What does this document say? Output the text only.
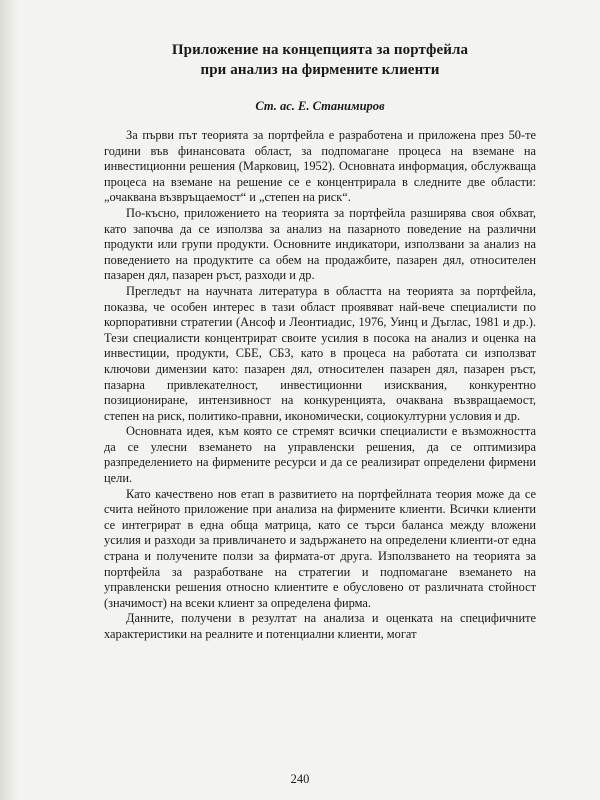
Приложение на концепцията за портфейла
при анализ на фирмените клиенти
Ст. ас. Е. Станимиров

За първи път теорията за портфейла е разработена и приложена през 50-те години във финансовата област, за подпомагане процеса на вземане на инвестиционни решения (Марковиц, 1952). Основната информация, обслужваща процеса на вземане на решение се е концентрирала в следните две области: „очаквана възвръщаемост“ и „степен на риск“.

По-късно, приложението на теорията за портфейла разширява своя обхват, като започва да се използва за анализ на пазарното поведение на различни продукти или групи продукти. Основните индикатори, използвани за анализ на поведението на продуктите са обем на продажбите, пазарен дял, относителен пазарен дял, пазарен ръст, разходи и др.

Прегледът на научната литература в областта на теорията за портфейла, показва, че особен интерес в тази област проявяват най-вече специалисти по корпоративни стратегии (Ансоф и Леонтиадис, 1976, Уинц и Дъглас, 1981 и др.). Тези специалисти концентрират своите усилия в посока на анализ и оценка на инвестиции, продукти, СБЕ, СБЗ, като в процеса на работата си използват ключови димензии като: пазарен дял, относителен пазарен дял, пазарен ръст, пазарна привлекателност, инвестиционни изисквания, конкурентно позициониране, интензивност на конкуренцията, очаквана възвращаемост, степен на риск, политико-правни, икономически, социокултурни условия и др.

Основната идея, към която се стремят всички специалисти е възможността да се улесни вземането на управленски решения, да се оптимизира разпределението на фирмените ресурси и да се реализират определени фирмени цели.

Като качествено нов етап в развитието на портфейлната теория може да се счита нейното приложение при анализа на фирмените клиенти. Всички клиенти се интегрират в една обща матрица, като се търси баланса между вложени усилия и разходи за привличането и задържането на определени клиенти-от една страна и получените ползи за фирмата-от друга. Използването на теорията за портфейла за разработване на стратегии и подпомагане вземането на управленски решения относно клиентите е обусловено от различната стойност (значимост) на всеки клиент за определена фирма.

Данните, получени в резултат на анализа и оценката на специфичните характеристики на реалните и потенциални клиенти, могат

240
